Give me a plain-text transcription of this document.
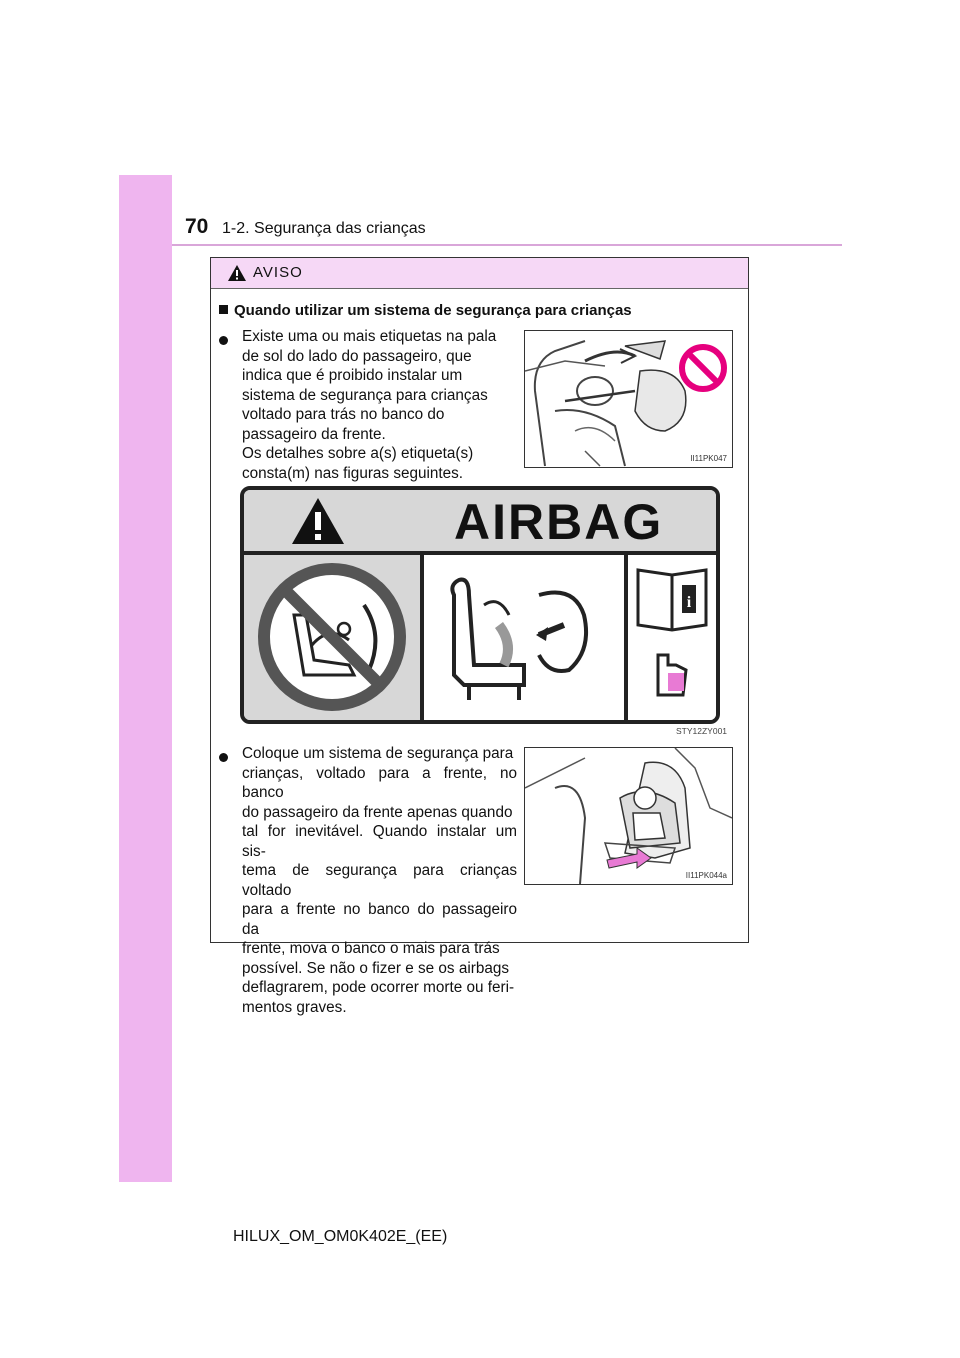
70 1-2. Segurança das crianças
AVISO
Quando utilizar um sistema de segurança para crianças
Existe uma ou mais etiquetas na pala
de sol do lado do passageiro, que
indica que é proibido instalar um
sistema de segurança para crianças
voltado para trás no banco do
passageiro da frente.
Os detalhes sobre a(s) etiqueta(s)
consta(m) nas figuras seguintes.
II11PK047
AIRBAG
i
STY12ZY001
Coloque um sistema de segurança para
crianças, voltado para a frente, no banco
do passageiro da frente apenas quando
tal for inevitável. Quando instalar um sis-
tema de segurança para crianças voltado
para a frente no banco do passageiro da
frente, mova o banco o mais para trás
possível. Se não o fizer e se os airbags
deflagrarem, pode ocorrer morte ou feri-
mentos graves.
II11PK044a
HILUX_OM_OM0K402E_(EE)
